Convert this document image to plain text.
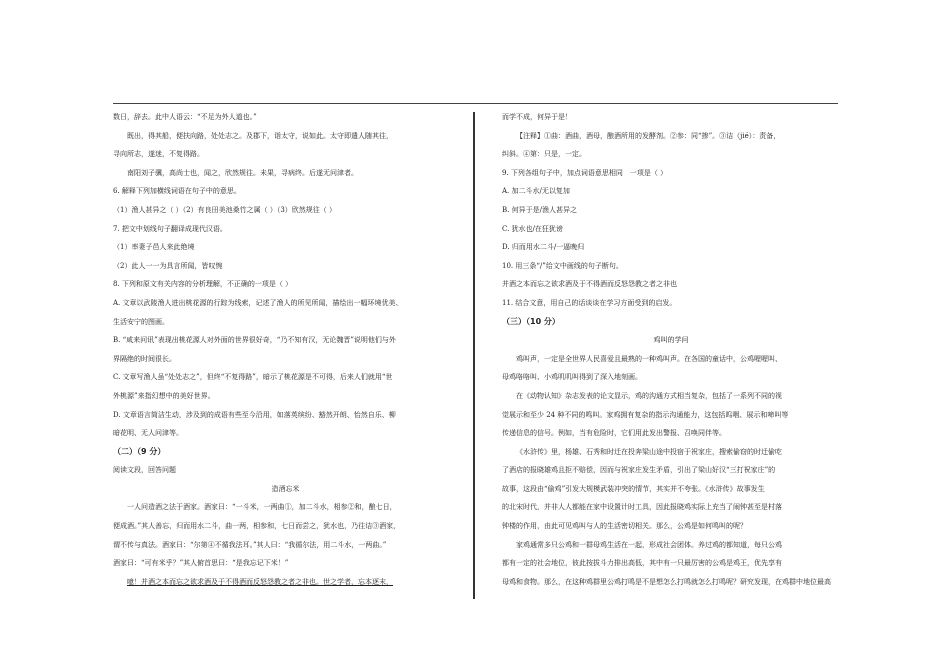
数日，辞去。此中人语云：“不足为外人道也。”
既出，得其船，便扶向路，处处志之。及郡下，诣太守，说如此。太守即遣人随其往，
寻向所志，遂迷，不复得路。
南阳刘子骥，高尚士也，闻之，欣然规往。未果，寻病终。后遂无问津者。
6. 解释下列加横线词语在句子中的意思。
（1）渔人甚异之（ ）（2）有良田美池桑竹之属（ ）（3）欣然规往（ ）
7. 把文中划线句子翻译成现代汉语。
（1）率妻子邑人来此绝境
（2）此人一一为具言所闻，皆叹惋
8. 下列和原文有关内容的分析理解，不正确的一项是（ ）
A. 文章以武陵渔人进出桃花源的行踪为线索，记述了渔人的所见所闻，描绘出一幅环境优美、
生活安宁的图画。
B. “咸来问讯”表现出桃花源人对外面的世界很好奇，“乃不知有汉，无论魏晋”说明他们与外
界隔绝的时间很长。
C. 文章写渔人虽“处处志之”，但终“不复得路”，暗示了桃花源是不可得，后来人们就用“世
外桃源”来指幻想中的美好世界。
D. 文章语言简洁生动，涉及到的成语有些至今沿用，如落英缤纷、豁然开朗、怡然自乐、柳
暗花明、无人问津等。
（二）（9 分）
阅读文段，回答问题
造酒忘米
一人问造酒之法于酒家。酒家曰：“一斗米，一两曲①，加二斗水，相参②和，酿七日，
便成酒。”其人善忘，归而用水二斗，曲一两，相参和，七日而尝之，犹水也，乃往诘③酒家，
谓不传与真法。酒家曰：“尔第④不循我法耳。”其人曰：“我循尔法，用二斗水，一两曲。”
酒家曰：“可有米乎？”其人俯首思曰：“是我忘记下米！”
噫！并酒之本而忘之欲求酒及于不得酒而反怒怨教之者之非也。世之学者，忘本逐末，
而学不成，何异于是！
【注释】①曲：酒曲，酒母，酿酒所用的发酵剂。②参：同“掺”。③诘（jié）：责备，
纠斜。④第：只是，一定。
9. 下列各组句子中，加点词语意思相同　一项是（ ）
A. 加二斗水/无以复加
B. 何异于是/渔人甚异之
C. 犹水也/在狂犹谤
D. 归而用水二斗/一逼晚归
10. 用三条“/”给文中画线的句子断句。
并酒之本而忘之欲求酒及于不得酒而反怒怨教之者之非也
11. 结合文意，用自己的话谈谈在学习方面受到的启发。
（三）（10 分）
鸡叫的学问
鸡叫声，一定是全世界人民喜爱且最熟的一种鸡叫声。在各国的童话中，公鸡喔喔叫、
母鸡咯咯叫、小鸡叽叽叫得到了深入地刻画。
在《动物认知》杂志发表的论文显示，鸡的沟通方式相当复杂，包括了一系列不同的视
觉展示和至少 24 种不同的鸣叫。家鸡拥有复杂的指示沟通能力，这包括呜咽、展示和啼叫等
传递信息的信号。例如，当有危险时，它们用此发出警报、召唤同伴等。
《水浒传》里，杨雄、石秀和时迁在投奔梁山途中投宿于祝家庄，搜索偷窃的时迁偷吃
了酒店的报晓雄鸡且拒不赔偿，因而与祝家庄发生矛盾，引出了梁山好汉“三打祝家庄”的
故事，这段由“偷鸡”引发大规模武装冲突的情节，其实并不夸张。《水浒传》故事发生
的北宋时代，并非人人都能在家中设置计时工具，因此报晓鸡实际上充当了闹钟甚至是村落
钟楼的作用，由此可见鸡叫与人的生活密切相关。那么，公鸡是如何鸣叫的呢？
家鸡通常多只公鸡和一群母鸡生活在一起，形成社会团体。养过鸡的都知道，每只公鸡
都有一定的社会地位，彼此按拔斗力排出高低，其中有一只最厉害的公鸡是鸡王，优先享有
母鸡和食物。那么，在这种鸡群里公鸡打鸣是不是想怎么打鸣就怎么打鸣呢？研究发现，在鸡群中地位最高
